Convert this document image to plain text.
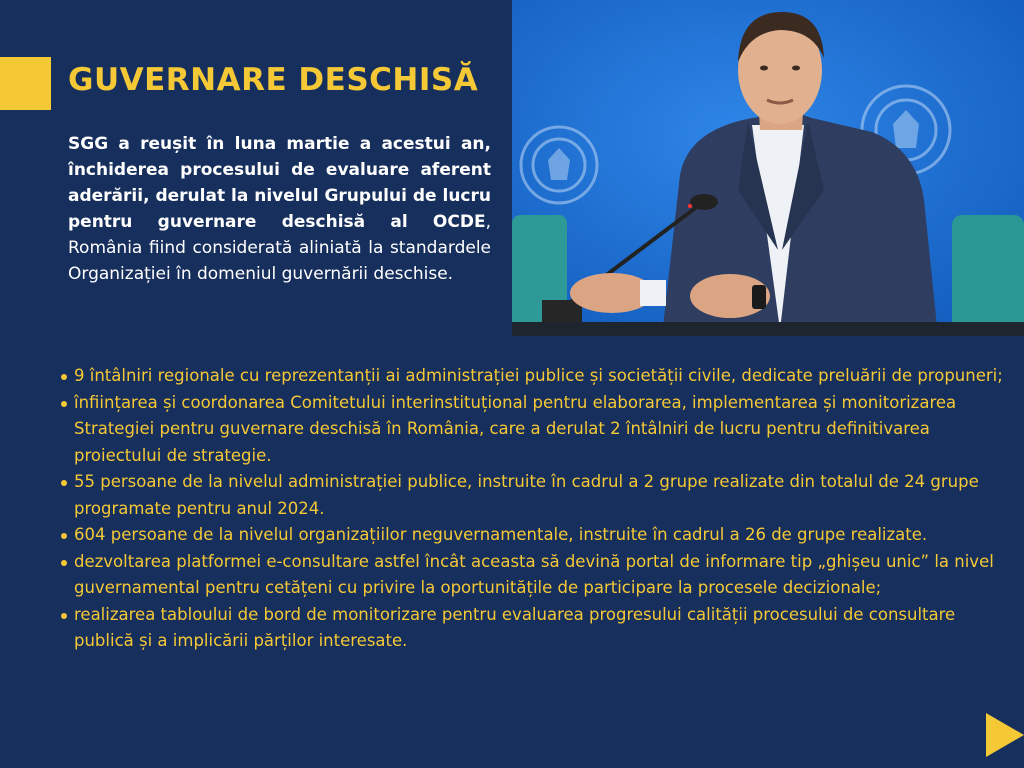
GUVERNARE DESCHISĂ

SGG a reușit în luna martie a acestui an, închiderea procesului de evaluare aferent aderării, derulat la nivelul Grupului de lucru pentru guvernare deschisă al OCDE, România fiind considerată aliniată la standardele Organizației în domeniul guvernării deschise.

9 întâlniri regionale cu reprezentanții ai administrației publice și societății civile, dedicate preluării de propuneri;
înființarea și coordonarea Comitetului interinstituțional pentru elaborarea, implementarea și monitorizarea Strategiei pentru guvernare deschisă în România, care a derulat 2 întâlniri de lucru pentru definitivarea proiectului de strategie.
55 persoane de la nivelul administrației publice, instruite în cadrul a 2 grupe realizate din totalul de 24 grupe programate pentru anul 2024.
604 persoane de la nivelul organizațiilor neguvernamentale, instruite în cadrul a 26 de grupe realizate.
dezvoltarea platformei e-consultare astfel încât aceasta să devină portal de informare tip „ghișeu unic” la nivel guvernamental pentru cetățeni cu privire la oportunitățile de participare la procesele decizionale;
realizarea tabloului de bord de monitorizare pentru evaluarea progresului calității procesului de consultare publică și a implicării părților interesate.
